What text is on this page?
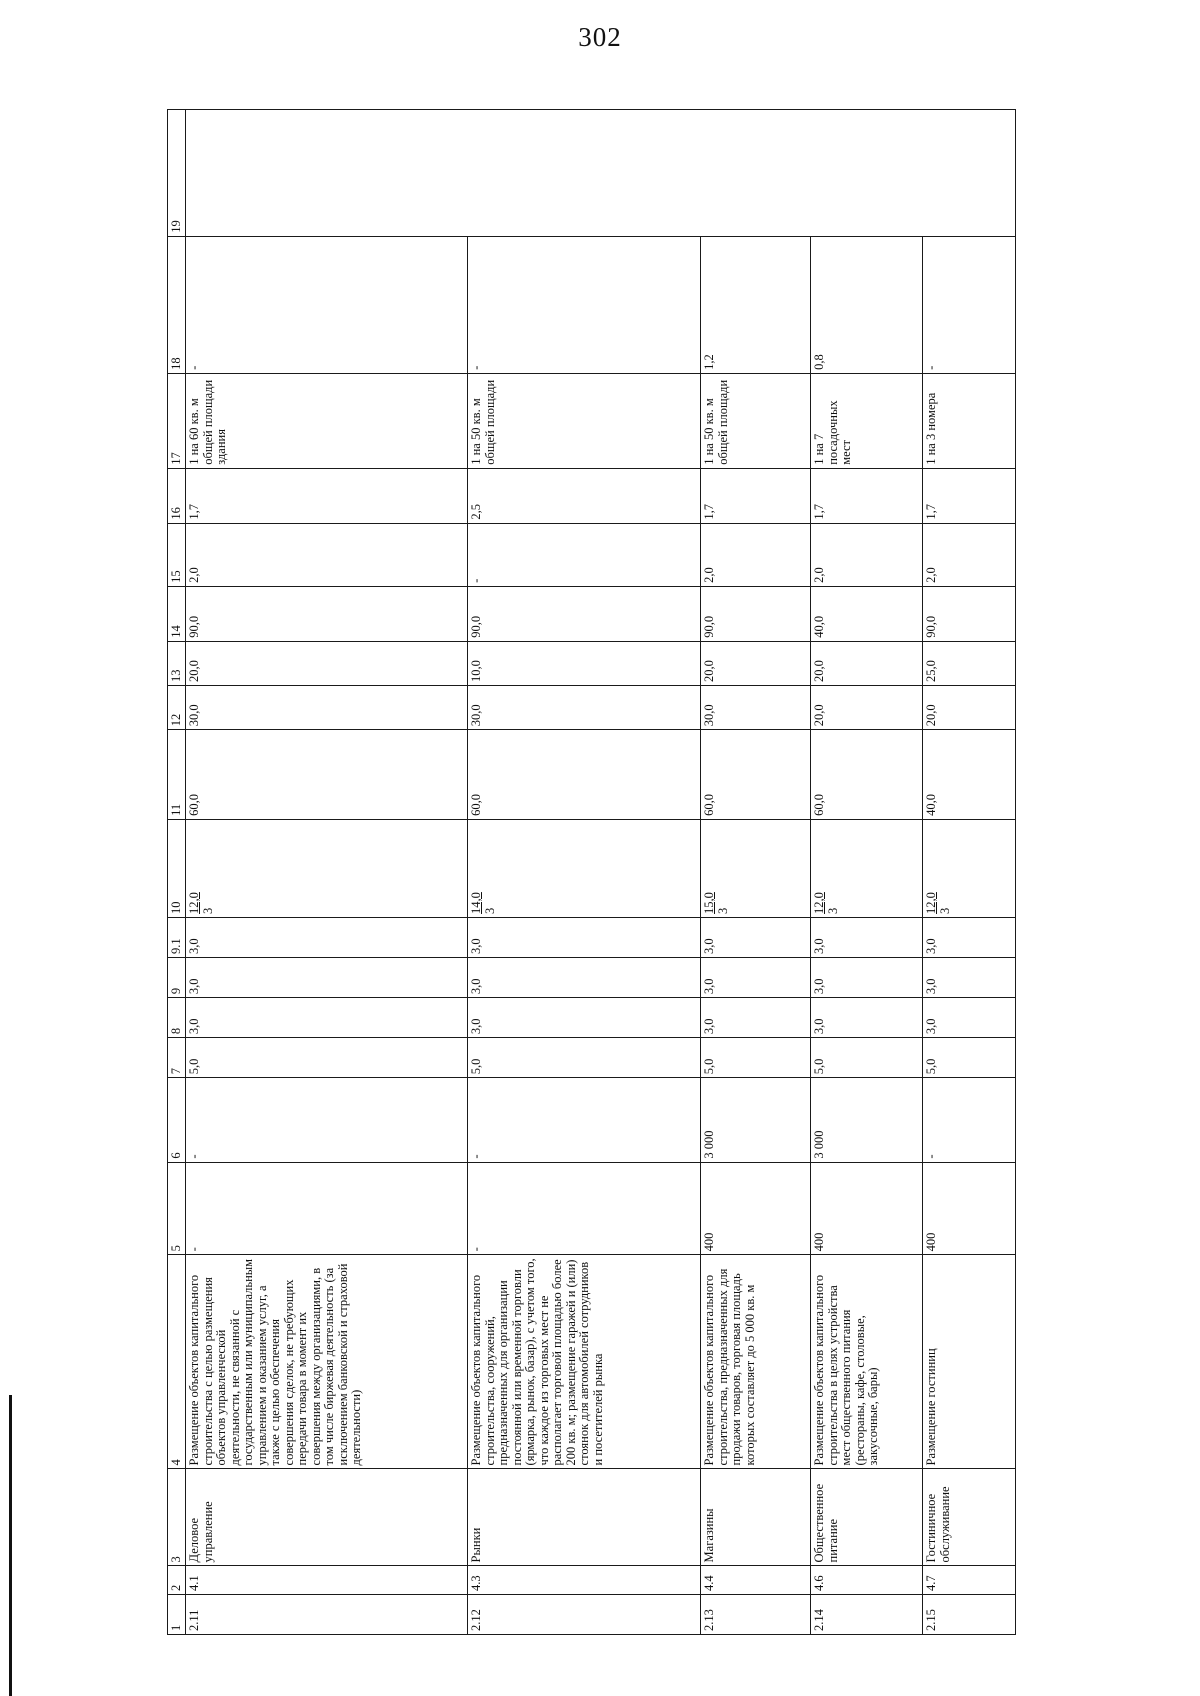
302
1	2	3	4	5	6	7	8	9	9.1	10	11	12	13	14	15	16	17	18	19
2.11	4.1	Деловое управление	Размещение объектов капитального строительства с целью размещения объектов управленческой деятельности, не связанной с государственным или муниципальным управлением и оказанием услуг, а также с целью обеспечения совершения сделок, не требующих передачи товара в момент их совершения между организациями, в том числе биржевая деятельность (за исключением банковской и страховой деятельности)	-	-	5,0	3,0	3,0	3,0	12,0 3	60,0	30,0	20,0	90,0	2,0	1,7	1 на 60 кв. м общей площади здания	-	
2.12	4.3	Рынки	Размещение объектов капитального строительства, сооружений, предназначенных для организации постоянной или временной торговли (ярмарка, рынок, базар), с учетом того, что каждое из торговых мест не располагает торговой площадью более 200 кв. м; размещение гаражей и (или) стоянок для автомобилей сотрудников и посетителей рынка	-	-	5,0	3,0	3,0	3,0	14,0 3	60,0	30,0	10,0	90,0	-	2,5	1 на 50 кв. м общей площади	-	
2.13	4.4	Магазины	Размещение объектов капитального строительства, предназначенных для продажи товаров, торговая площадь которых составляет до 5 000 кв. м	400	3 000	5,0	3,0	3,0	3,0	15,0 3	60,0	30,0	20,0	90,0	2,0	1,7	1 на 50 кв. м общей площади	1,2	
2.14	4.6	Общественное питание	Размещение объектов капитального строительства в целях устройства мест общественного питания (рестораны, кафе, столовые, закусочные, бары)	400	3 000	5,0	3,0	3,0	3,0	12,0 3	60,0	20,0	20,0	40,0	2,0	1,7	1 на 7 посадочных мест	0,8	
2.15	4.7	Гостиничное обслуживание	Размещение гостиниц	400	-	5,0	3,0	3,0	3,0	12,0 3	40,0	20,0	25,0	90,0	2,0	1,7	1 на 3 номера	-	
